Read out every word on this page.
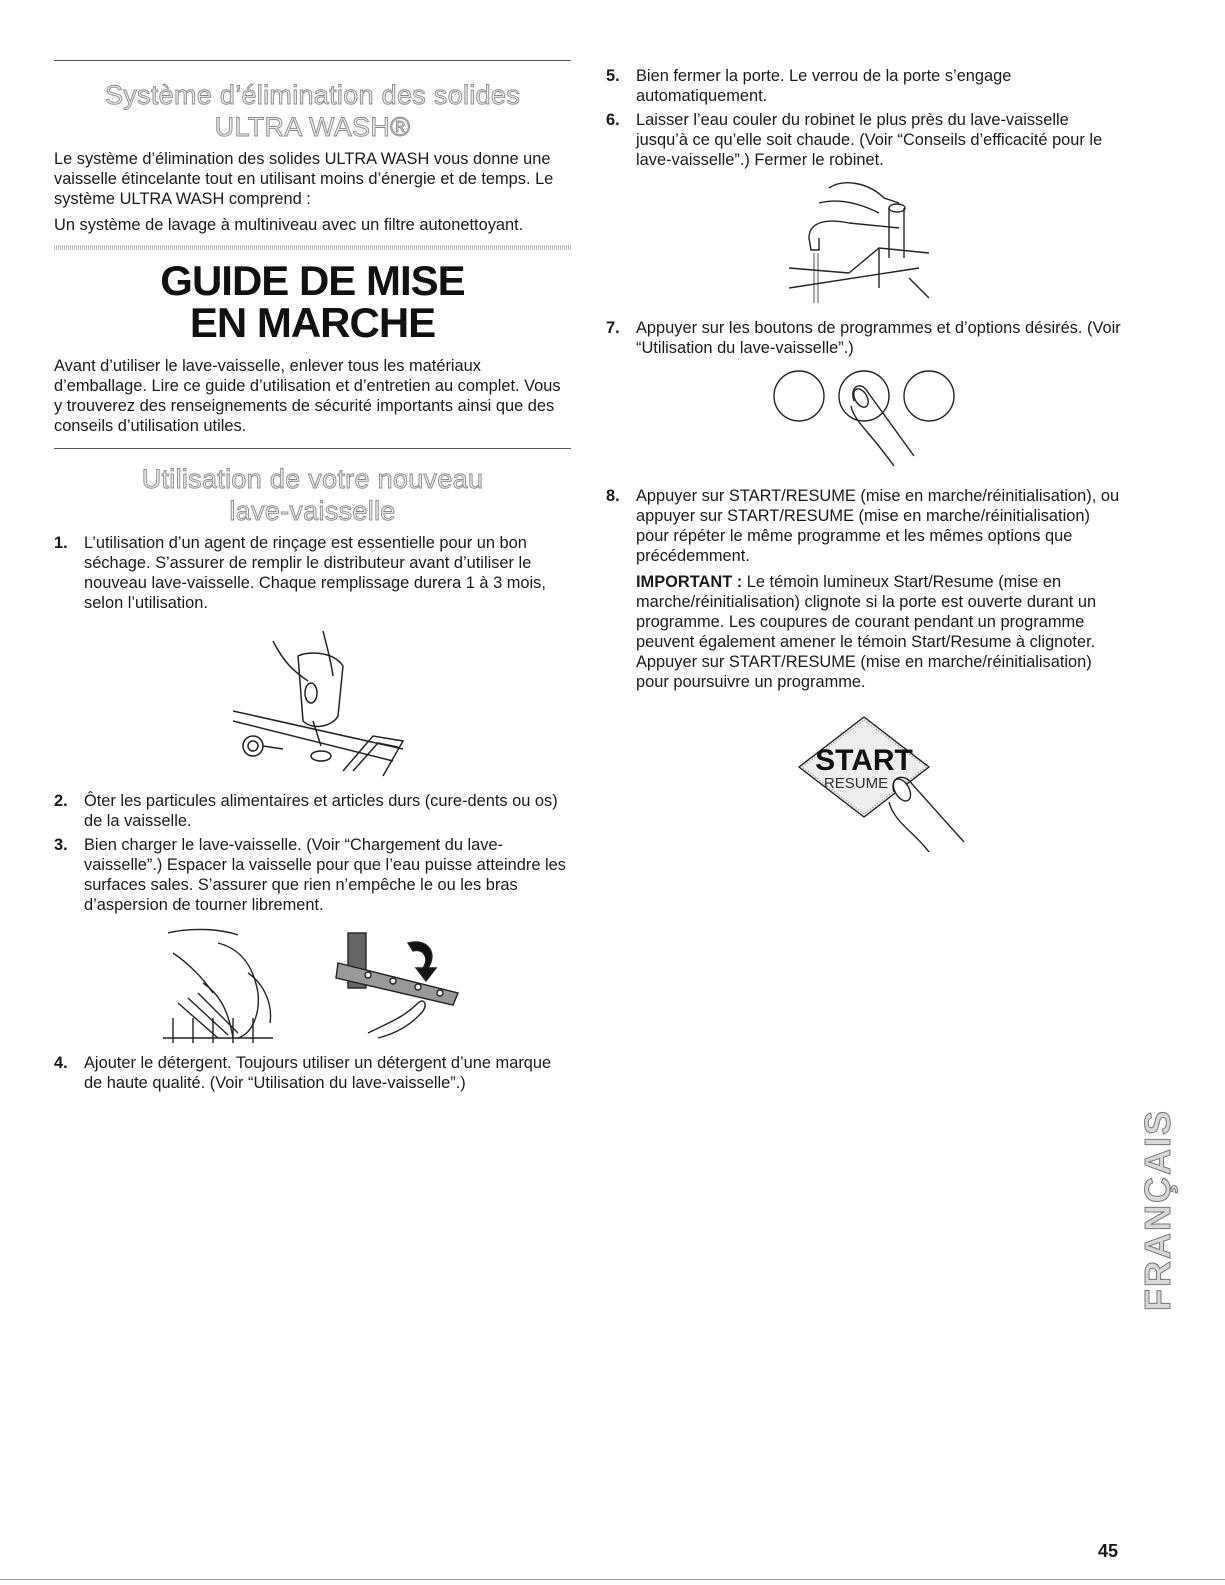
Système d’élimination des solides
ULTRA WASH®

Le système d’élimination des solides ULTRA WASH vous donne une vaisselle étincelante tout en utilisant moins d’énergie et de temps. Le système ULTRA WASH comprend :

Un système de lavage à multiniveau avec un filtre autonettoyant.

GUIDE DE MISE
EN MARCHE

Avant d’utiliser le lave-vaisselle, enlever tous les matériaux d’emballage. Lire ce guide d’utilisation et d’entretien au complet. Vous y trouverez des renseignements de sécurité importants ainsi que des conseils d’utilisation utiles.

Utilisation de votre nouveau
lave-vaisselle
1. L’utilisation d’un agent de rinçage est essentielle pour un bon séchage. S’assurer de remplir le distributeur avant d’utiliser le nouveau lave-vaisselle. Chaque remplissage durera 1 à 3 mois, selon l’utilisation.
2. Ôter les particules alimentaires et articles durs (cure-dents ou os) de la vaisselle.
3. Bien charger le lave-vaisselle. (Voir “Chargement du lave-vaisselle”.) Espacer la vaisselle pour que l’eau puisse atteindre les surfaces sales. S’assurer que rien n’empêche le ou les bras d’aspersion de tourner librement.
4. Ajouter le détergent. Toujours utiliser un détergent d’une marque de haute qualité. (Voir “Utilisation du lave-vaisselle”.)
5. Bien fermer la porte. Le verrou de la porte s’engage automatiquement.
6. Laisser l’eau couler du robinet le plus près du lave-vaisselle jusqu’à ce qu’elle soit chaude. (Voir “Conseils d’efficacité pour le lave-vaisselle”.) Fermer le robinet.
7. Appuyer sur les boutons de programmes et d’options désirés. (Voir “Utilisation du lave-vaisselle”.)
8. Appuyer sur START/RESUME (mise en marche/réinitialisation), ou appuyer sur START/RESUME (mise en marche/réinitialisation) pour répéter le même programme et les mêmes options que précédemment.
IMPORTANT : Le témoin lumineux Start/Resume (mise en marche/réinitialisation) clignote si la porte est ouverte durant un programme. Les coupures de courant pendant un programme peuvent également amener le témoin Start/Resume à clignoter. Appuyer sur START/RESUME (mise en marche/réinitialisation) pour poursuivre un programme.
START
RESUME
FRANÇAIS
45
